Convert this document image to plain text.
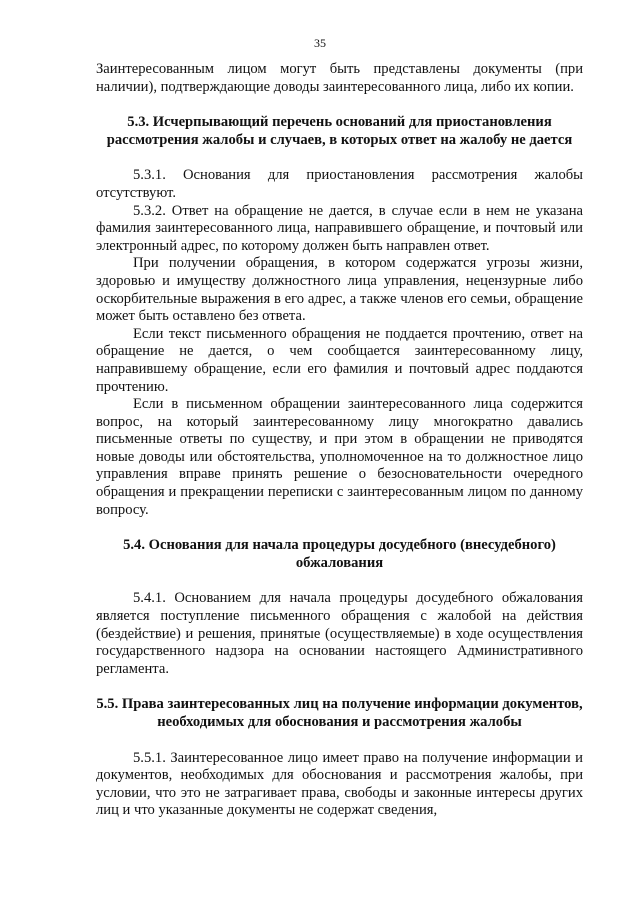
35

Заинтересованным лицом могут быть представлены документы (при наличии), подтверждающие доводы заинтересованного лица, либо их копии.

5.3. Исчерпывающий перечень оснований для приостановления рассмотрения жалобы и случаев, в которых ответ на жалобу не дается

5.3.1. Основания для приостановления рассмотрения жалобы отсутствуют.

5.3.2. Ответ на обращение не дается, в случае если в нем не указана фамилия заинтересованного лица, направившего обращение, и почтовый или электронный адрес, по которому должен быть направлен ответ.

При получении обращения, в котором содержатся угрозы жизни, здоровью и имуществу должностного лица управления, нецензурные либо оскорбительные выражения в его адрес, а также членов его семьи, обращение может быть оставлено без ответа.

Если текст письменного обращения не поддается прочтению, ответ на обращение не дается, о чем сообщается заинтересованному лицу, направившему обращение, если его фамилия и почтовый адрес поддаются прочтению.

Если в письменном обращении заинтересованного лица содержится вопрос, на который заинтересованному лицу многократно давались письменные ответы по существу, и при этом в обращении не приводятся новые доводы или обстоятельства, уполномоченное на то должностное лицо управления вправе принять решение о безосновательности очередного обращения и прекращении переписки с заинтересованным лицом по данному вопросу.

5.4. Основания для начала процедуры досудебного (внесудебного) обжалования

5.4.1. Основанием для начала процедуры досудебного обжалования является поступление письменного обращения с жалобой на действия (бездействие) и решения, принятые (осуществляемые) в ходе осуществления государственного надзора на основании настоящего Административного регламента.

5.5. Права заинтересованных лиц на получение информации документов, необходимых для обоснования и рассмотрения жалобы

5.5.1. Заинтересованное лицо имеет право на получение информации и документов, необходимых для обоснования и рассмотрения жалобы, при условии, что это не затрагивает права, свободы и законные интересы других лиц и что указанные документы не содержат сведения,
